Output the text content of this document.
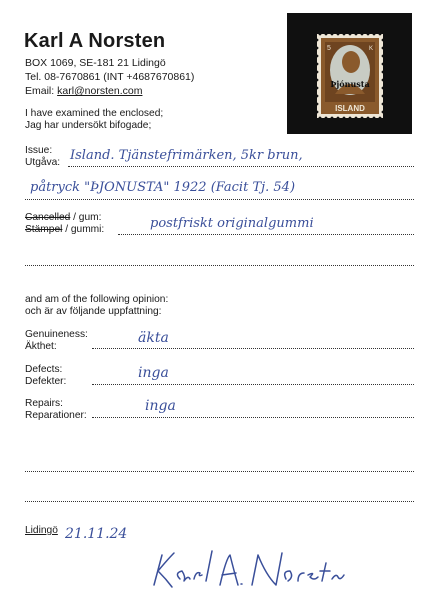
Karl A Norsten
BOX 1069, SE-181 21 Lidingö
Tel. 08-7670861 (INT +4687670861)
Email: karl@norsten.com
ISLAND
5	K
Þjónusta
I have examined the enclosed;
Jag har undersökt bifogade;
Issue:
Utgåva: Island. Tjänstefrimärken, 5kr brun,
påtryck "ÞJONUSTA" 1922 (Facit Tj. 54)
Cancelled / gum:
Stämpel / gummi:	postfriskt originalgummi
and am of the following opinion:
och är av följande uppfattning:
Genuineness:
Äkthet:
äkta
Defects:
Defekter:
inga
Repairs:
Reparationer:
inga
Lidingö 21.11.24
